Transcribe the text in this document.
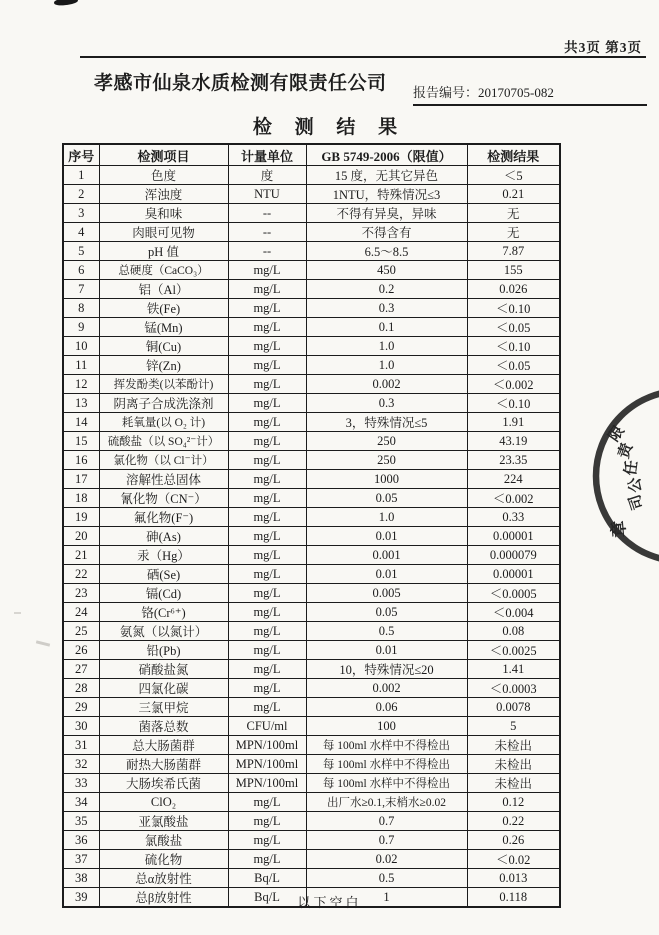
共3页 第3页
孝感市仙泉水质检测有限责任公司 报告编号：20170705-082
检 测 结 果
序号	检测项目	计量单位	GB 5749-2006（限值）	检测结果
1	色度	度	15 度，无其它异色	＜5
2	浑浊度	NTU	1NTU，特殊情况≤3	0.21
3	臭和味	--	不得有异臭，异味	无
4	肉眼可见物	--	不得含有	无
5	pH 值	--	6.5～8.5	7.87
6	总硬度（CaCO₃）	mg/L	450	155
7	铝（Al）	mg/L	0.2	0.026
8	铁(Fe)	mg/L	0.3	＜0.10
9	锰(Mn)	mg/L	0.1	＜0.05
10	铜(Cu)	mg/L	1.0	＜0.10
11	锌(Zn)	mg/L	1.0	＜0.05
12	挥发酚类(以苯酚计)	mg/L	0.002	＜0.002
13	阴离子合成洗涤剂	mg/L	0.3	＜0.10
14	耗氧量(以 O₂ 计)	mg/L	3，特殊情况≤5	1.91
15	硫酸盐（以 SO₄²⁻计）	mg/L	250	43.19
16	氯化物（以 Cl⁻计）	mg/L	250	23.35
17	溶解性总固体	mg/L	1000	224
18	氰化物（CN⁻）	mg/L	0.05	＜0.002
19	氟化物(F⁻)	mg/L	1.0	0.33
20	砷(As)	mg/L	0.01	0.00001
21	汞（Hg）	mg/L	0.001	0.000079
22	硒(Se)	mg/L	0.01	0.00001
23	镉(Cd)	mg/L	0.005	＜0.0005
24	铬(Cr⁶⁺)	mg/L	0.05	＜0.004
25	氨氮（以氮计）	mg/L	0.5	0.08
26	铅(Pb)	mg/L	0.01	＜0.0025
27	硝酸盐氮	mg/L	10，特殊情况≤20	1.41
28	四氯化碳	mg/L	0.002	＜0.0003
29	三氯甲烷	mg/L	0.06	0.0078
30	菌落总数	CFU/ml	100	5
31	总大肠菌群	MPN/100ml	每 100ml 水样中不得检出	未检出
32	耐热大肠菌群	MPN/100ml	每 100ml 水样中不得检出	未检出
33	大肠埃希氏菌	MPN/100ml	每 100ml 水样中不得检出	未检出
34	ClO₂	mg/L	出厂水≥0.1,末梢水≥0.02	0.12
35	亚氯酸盐	mg/L	0.7	0.22
36	氯酸盐	mg/L	0.7	0.26
37	硫化物	mg/L	0.02	＜0.02
38	总α放射性	Bq/L	0.5	0.013
39	总β放射性	Bq/L	1	0.118
以下空白
限
责
任
公
司
章
